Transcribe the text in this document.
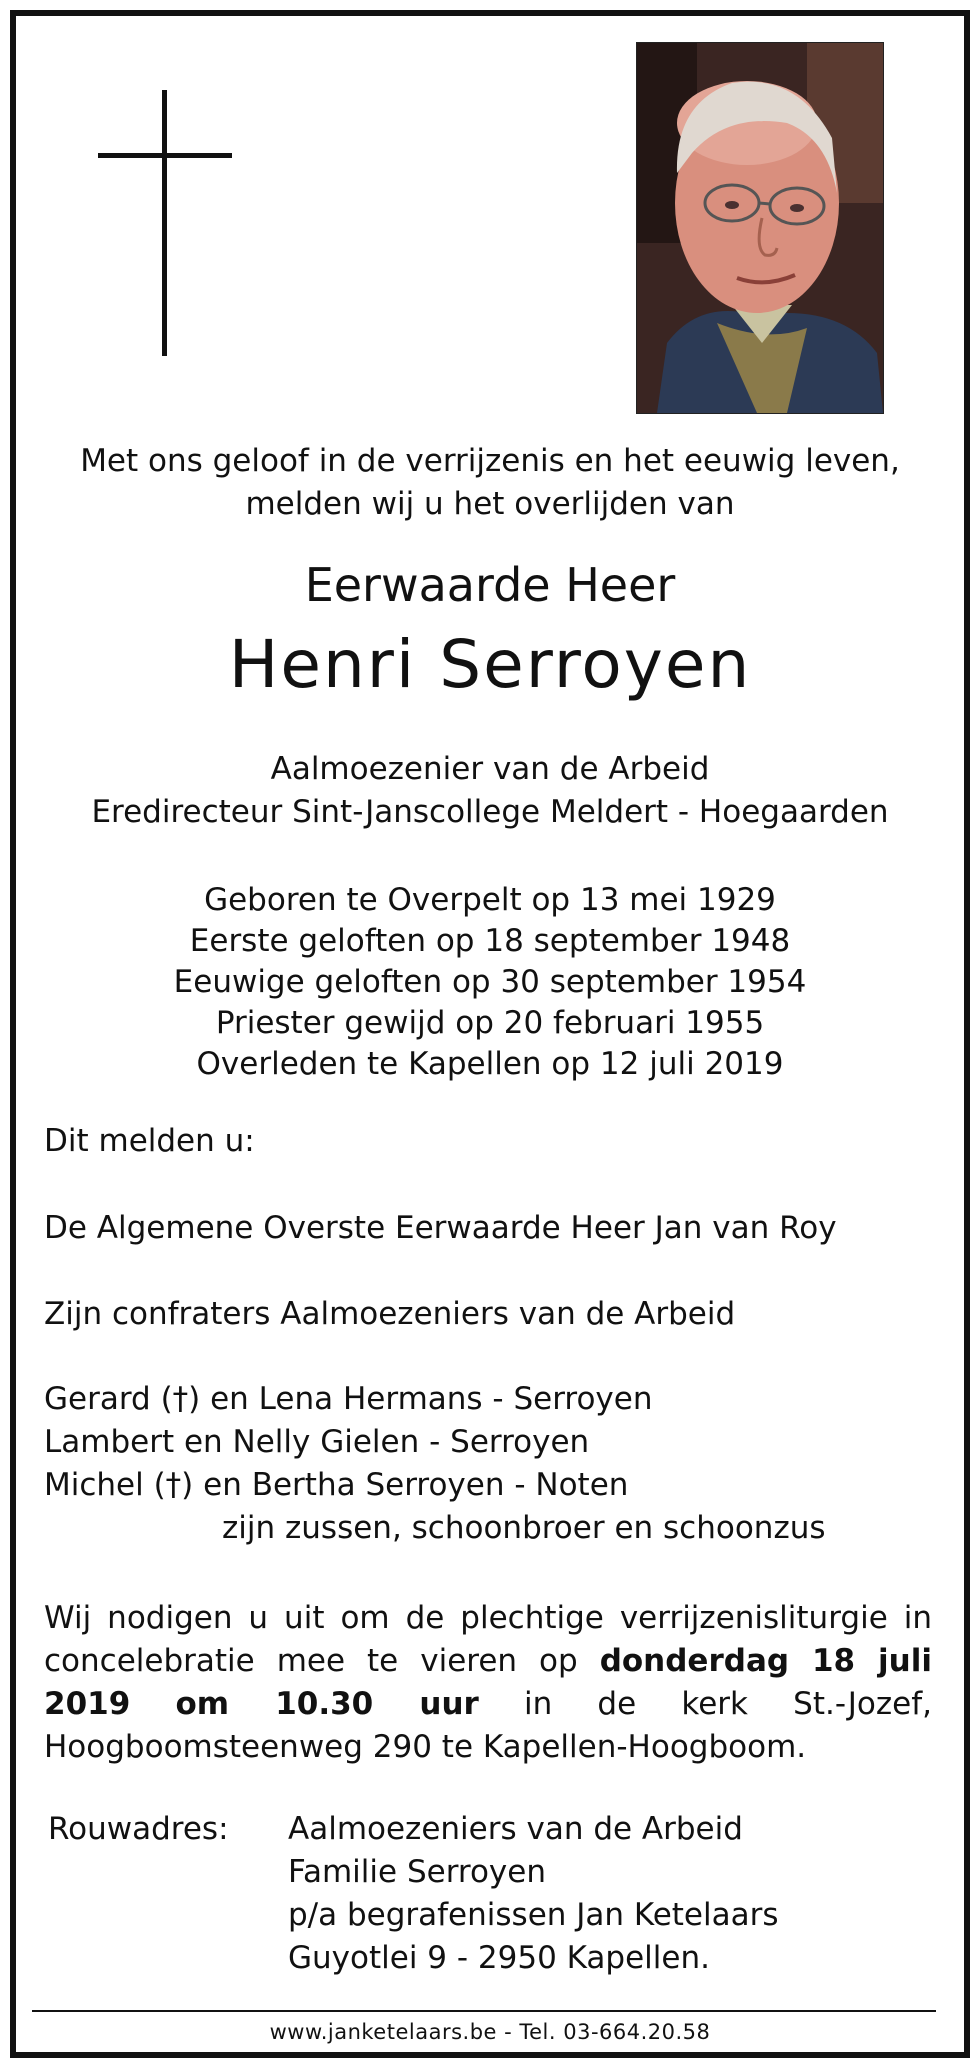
Met ons geloof in de verrijzenis en het eeuwig leven,
melden wij u het overlijden van
Eerwaarde Heer
Henri Serroyen
Aalmoezenier van de Arbeid
Eredirecteur Sint-Janscollege Meldert - Hoegaarden
Geboren te Overpelt op 13 mei 1929
Eerste geloften op 18 september 1948
Eeuwige geloften op 30 september 1954
Priester gewijd op 20 februari 1955
Overleden te Kapellen op 12 juli 2019
Dit melden u:
De Algemene Overste Eerwaarde Heer Jan van Roy
Zijn confraters Aalmoezeniers van de Arbeid
Gerard (†) en Lena Hermans - Serroyen
Lambert en Nelly Gielen - Serroyen
Michel (†) en Bertha Serroyen - Noten
zijn zussen, schoonbroer en schoonzus
Wij nodigen u uit om de plechtige verrijzenisliturgie in concelebratie mee te vieren op donderdag 18 juli 2019 om 10.30 uur in de kerk St.-Jozef, Hoogboomsteenweg 290 te Kapellen-Hoogboom.
Rouwadres: Aalmoezeniers van de Arbeid
Familie Serroyen
p/a begrafenissen Jan Ketelaars
Guyotlei 9 - 2950 Kapellen.
www.janketelaars.be - Tel. 03-664.20.58
